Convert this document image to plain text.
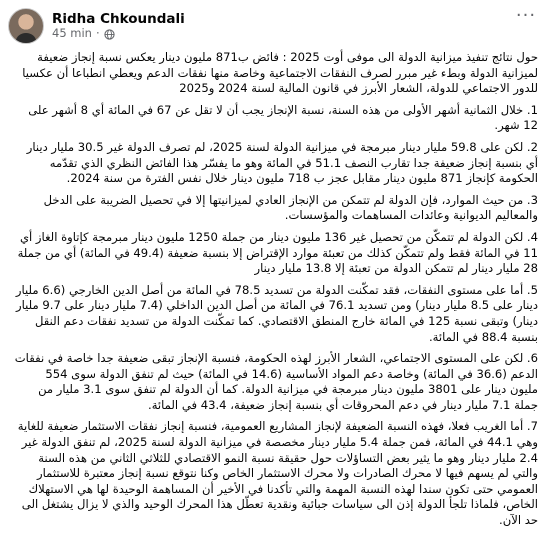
Ridha Chkoundali
45 min ·
···

حول نتائج تنفيذ ميزانية الدولة الى موفى أوت 2025 : فائض ب871 مليون دينار يعكس نسبة إنجاز ضعيفة لميزانية الدولة وبطء غير مبرر لصرف النفقات الاجتماعية وخاصة منها نفقات الدعم ويعطي انطباعا أن عكسيا للدور الاجتماعي للدولة، الشعار الأبرز في قانون المالية لسنة 2024 و2025

1. خلال الثمانية أشهر الأولى من هذه السنة، نسبة الإنجاز يجب أن لا تقل عن 67 في المائة أي 8 أشهر على 12 شهر.

2. لكن على 59.8 مليار دينار مبرمجة في ميزانية الدولة لسنة 2025، لم تصرف الدولة غير 30.5 مليار دينار أي بنسبة إنجاز ضعيفة جدا تقارب النصف 51.1 في المائة وهو ما يفسّر هذا الفائض النظري الذي تقدّمه الحكومة كإنجاز 871 مليون دينار مقابل عجز ب 718 مليون دينار خلال نفس الفترة من سنة 2024.

3. من حيث الموارد، فإن الدولة لم تتمكن من الإنجاز العادي لميزانيتها إلا في تحصيل الضريبة على الدخل والمعاليم الديوانية وعائدات المساهمات والمؤسسات.

4. لكن الدولة لم تتمكّن من تحصيل غير 136 مليون دينار من جملة 1250 مليون دينار مبرمجة كإتاوة الغاز أي 11 في المائة فقط ولم تتمكّن كذلك من تعبئة موارد الإقتراض إلا بنسبة ضعيفة (49.4 في المائة) أي من جملة 28 مليار دينار لم تتمكن الدولة من تعبئة إلا 13.8 مليار دينار

5. أما على مستوى النفقات، فقد تمكّنت الدولة من تسديد 78.5 في المائة من أصل الدين الخارجي (6.6 مليار دينار على 8.5 مليار دينار) ومن تسديد 76.1 في المائة من أصل الدين الداخلي (7.4 مليار دينار على 9.7 مليار دينار) وتبقى نسبة 125 في المائة خارج المنطق الاقتصادي. كما تمكّنت الدولة من تسديد نفقات دعم النقل بنسبة 88.4 في المائة.

6. لكن على المستوى الاجتماعي، الشعار الأبرز لهذه الحكومة، فنسبة الإنجاز تبقى ضعيفة جدا خاصة في نفقات الدعم (36.6 في المائة) وخاصة دعم المواد الأساسية (14.6 في المائة) حيث لم تنفق الدولة سوى 554 مليون دينار على 3801 مليون دينار مبرمجة في ميزانية الدولة. كما أن الدولة لم تنفق سوى 3.1 مليار من جملة 7.1 مليار دينار في دعم المحروقات أي بنسبة إنجاز ضعيفة، 43.4 في المائة.

7. أما الغريب فعلا، فهذه النسبة الضعيفة لإنجاز المشاريع العمومية، فنسبة إنجاز نفقات الاستثمار ضعيفة للغاية وهي 44.1 في المائة، فمن جملة 5.4 مليار دينار مخصصة في ميزانية الدولة لسنة 2025، لم تنفق الدولة غير 2.4 مليار دينار وهو ما يثير بعض التساؤلات حول حقيقة نسبة النمو الاقتصادي للثلاثي الثاني من هذه السنة والتي لم يسهم فيها لا محرك الصادرات ولا محرك الاستثمار الخاص وكنا نتوقع نسبة إنجاز معتبرة للاستثمار العمومي حتى تكون سندا لهذه النسبة المهمة والتي تأكدنا في الأخير أن المساهمة الوحيدة لها هي الاستهلاك الخاص، فلماذا تلجأ الدولة إذن الى سياسات جبائية ونقدية تعطّل هذا المحرك الوحيد والذي لا يزال يشتغل الى حد الآن.
